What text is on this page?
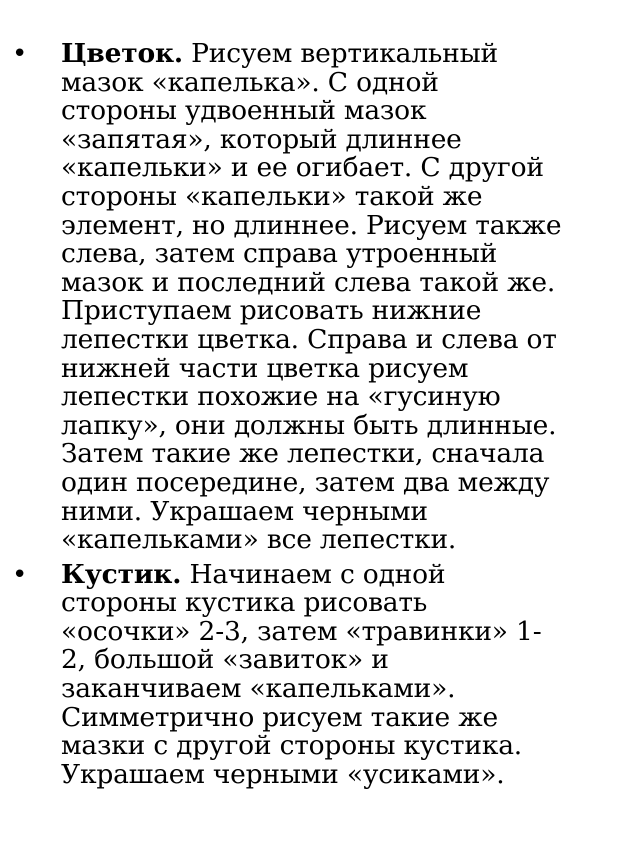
• Цветок. Рисуем вертикальный
мазок «капелька». С одной
стороны удвоенный мазок
«запятая», который длиннее
«капельки» и ее огибает. С другой
стороны «капельки» такой же
элемент, но длиннее. Рисуем также
слева, затем справа утроенный
мазок и последний слева такой же.
Приступаем рисовать нижние
лепестки цветка. Справа и слева от
нижней части цветка рисуем
лепестки похожие на «гусиную
лапку», они должны быть длинные.
Затем такие же лепестки, сначала
один посередине, затем два между
ними. Украшаем черными
«капельками» все лепестки.
• Кустик. Начинаем с одной
стороны кустика рисовать
«осочки» 2-3, затем «травинки» 1-
2, большой «завиток» и
заканчиваем «капельками».
Симметрично рисуем такие же
мазки с другой стороны кустика.
Украшаем черными «усиками».
